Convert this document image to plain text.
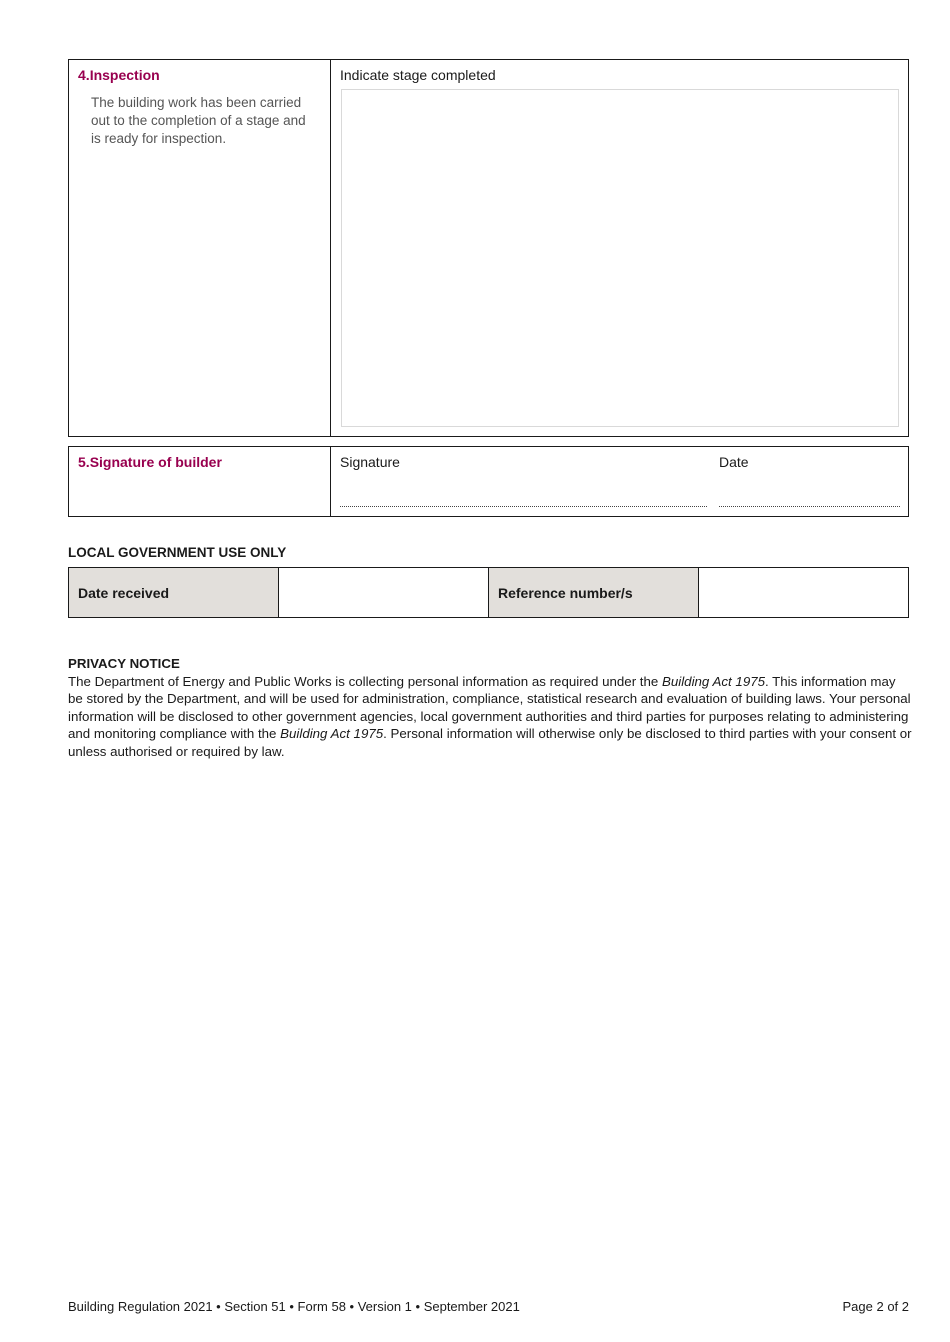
4.Inspection
The building work has been carried out to the completion of a stage and is ready for inspection.
Indicate stage completed
5.Signature of builder	Signature	Date
LOCAL GOVERNMENT USE ONLY
Date received	Reference number/s
PRIVACY NOTICE
The Department of Energy and Public Works is collecting personal information as required under the Building Act 1975. This information may be stored by the Department, and will be used for administration, compliance, statistical research and evaluation of building laws. Your personal information will be disclosed to other government agencies, local government authorities and third parties for purposes relating to administering and monitoring compliance with the Building Act 1975. Personal information will otherwise only be disclosed to third parties with your consent or unless authorised or required by law.
Building Regulation 2021 • Section 51 • Form 58 • Version 1 • September 2021	Page 2 of 2
